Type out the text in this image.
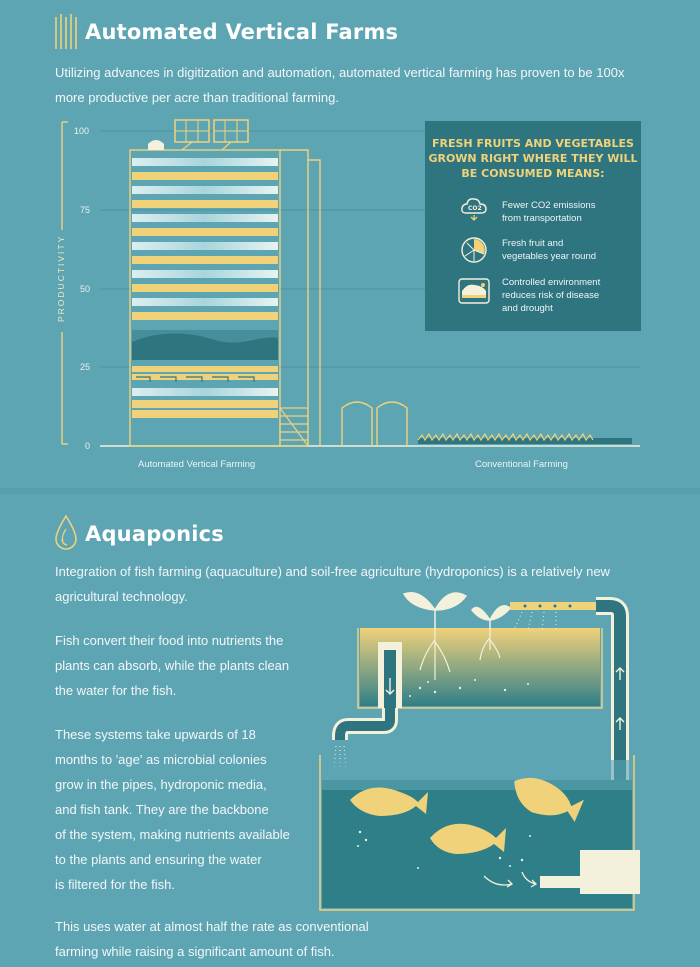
Automated Vertical Farms
Utilizing advances in digitization and automation, automated vertical farming has proven to be 100x
more productive per acre than traditional farming.
100
75
50
25
0
PRODUCTIVITY
Automated Vertical Farming	Conventional Farming
FRESH FRUITS AND VEGETABLES
GROWN RIGHT WHERE THEY WILL
BE CONSUMED MEANS:
CO2 Fewer CO2 emissions
from transportation
Fresh fruit and
vegetables year round
Controlled environment
reduces risk of disease
and drought
Aquaponics
Integration of fish farming (aquaculture) and soil-free agriculture (hydroponics) is a relatively new
agricultural technology.
Fish convert their food into nutrients the
plants can absorb, while the plants clean
the water for the fish.
These systems take upwards of 18
months to 'age' as microbial colonies
grow in the pipes, hydroponic media,
and fish tank. They are the backbone
of the system, making nutrients available
to the plants and ensuring the water
is filtered for the fish.
This uses water at almost half the rate as conventional
farming while raising a significant amount of fish.
